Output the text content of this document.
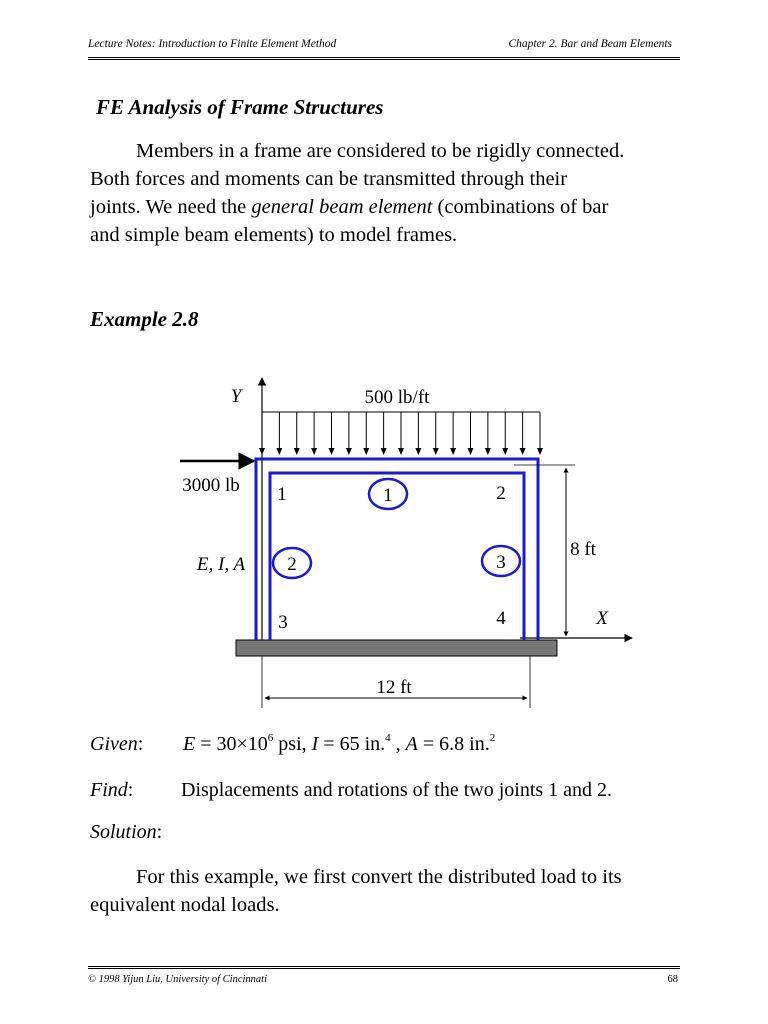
Lecture Notes: Introduction to Finite Element Method	Chapter 2. Bar and Beam Elements
FE Analysis of Frame Structures
Members in a frame are considered to be rigidly connected.
Both forces and moments can be transmitted through their
joints. We need the general beam element (combinations of bar
and simple beam elements) to model frames.
Example 2.8
Y
X
500 lb/ft
3000 lb
E, I, A
8 ft
12 ft
1	2
3	4
1
2	3
Given: $E = 30\times 10^6$ psi, I = 65 in.$^4$ , A = 6.8 in.$^2$
Find: Displacements and rotations of the two joints 1 and 2.
Solution:
For this example, we first convert the distributed load to its
equivalent nodal loads.
© 1998 Yijun Liu, University of Cincinnati	68
